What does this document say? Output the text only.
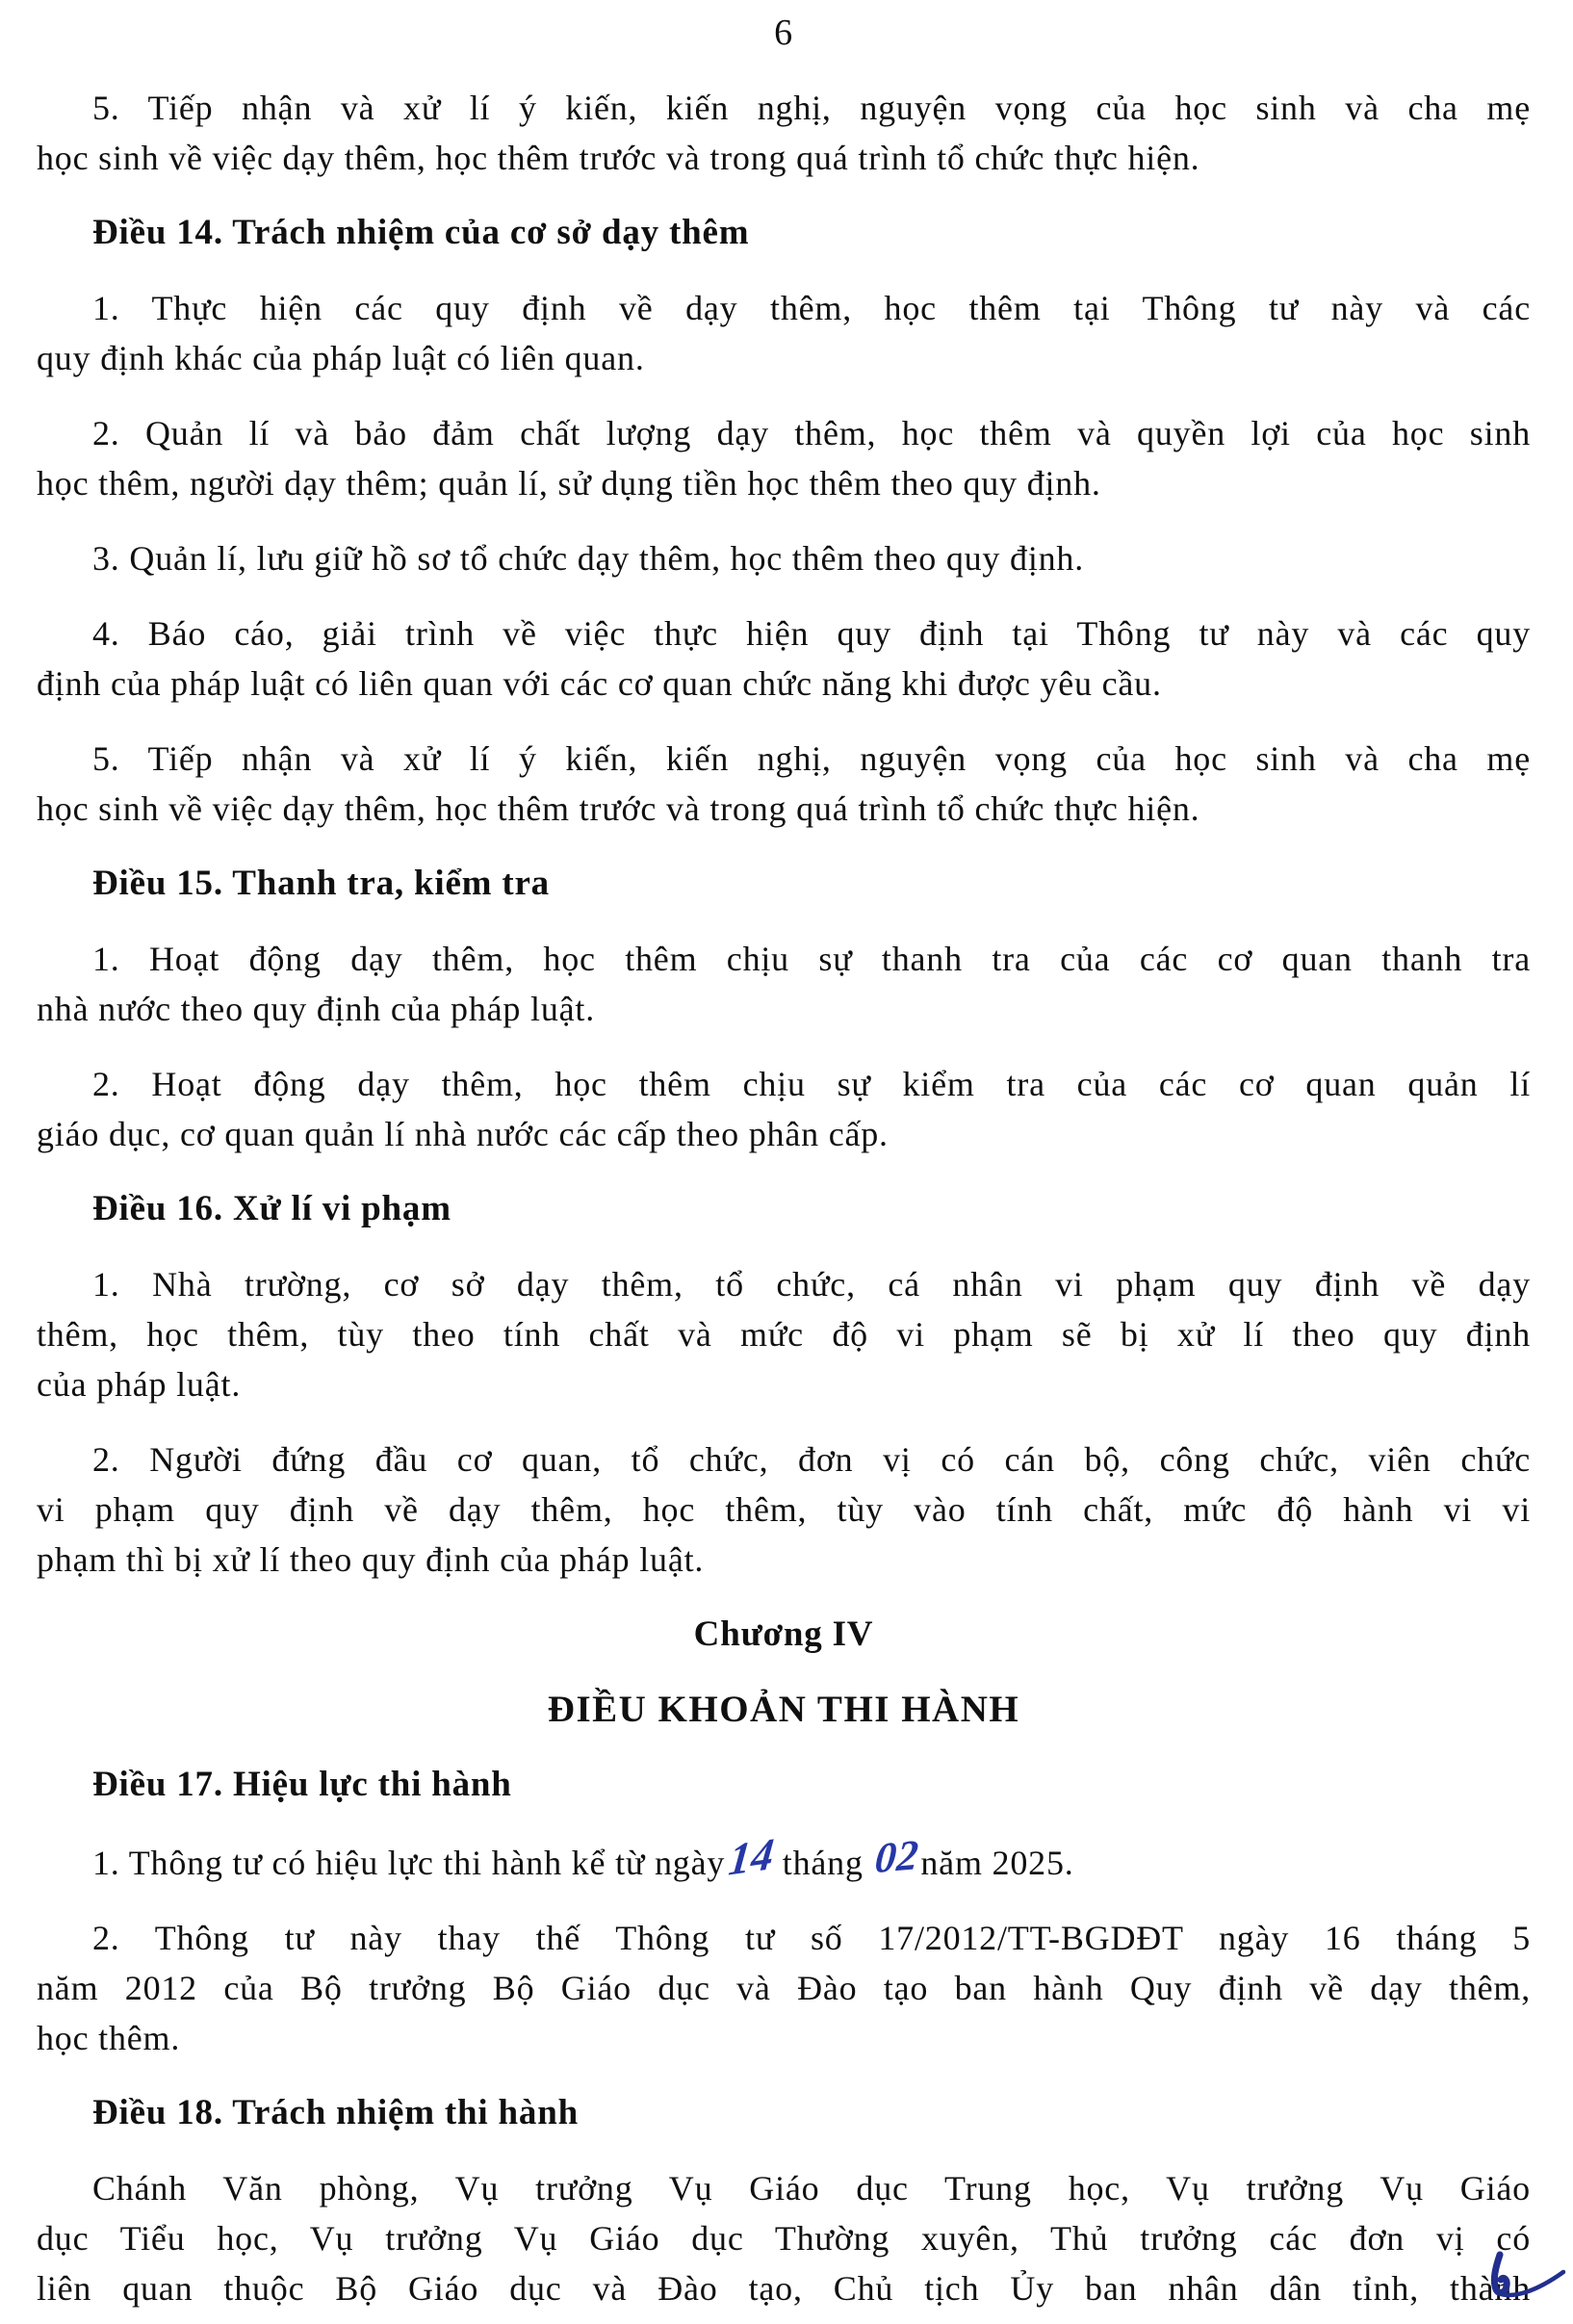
6
5. Tiếp nhận và xử lí ý kiến, kiến nghị, nguyện vọng của học sinh và cha mẹ
học sinh về việc dạy thêm, học thêm trước và trong quá trình tổ chức thực hiện.
Điều 14. Trách nhiệm của cơ sở dạy thêm
1. Thực hiện các quy định về dạy thêm, học thêm tại Thông tư này và các
quy định khác của pháp luật có liên quan.
2. Quản lí và bảo đảm chất lượng dạy thêm, học thêm và quyền lợi của học sinh
học thêm, người dạy thêm; quản lí, sử dụng tiền học thêm theo quy định.
3. Quản lí, lưu giữ hồ sơ tổ chức dạy thêm, học thêm theo quy định.
4. Báo cáo, giải trình về việc thực hiện quy định tại Thông tư này và các quy
định của pháp luật có liên quan với các cơ quan chức năng khi được yêu cầu.
5. Tiếp nhận và xử lí ý kiến, kiến nghị, nguyện vọng của học sinh và cha mẹ
học sinh về việc dạy thêm, học thêm trước và trong quá trình tổ chức thực hiện.
Điều 15. Thanh tra, kiểm tra
1. Hoạt động dạy thêm, học thêm chịu sự thanh tra của các cơ quan thanh tra
nhà nước theo quy định của pháp luật.
2. Hoạt động dạy thêm, học thêm chịu sự kiểm tra của các cơ quan quản lí
giáo dục, cơ quan quản lí nhà nước các cấp theo phân cấp.
Điều 16. Xử lí vi phạm
1. Nhà trường, cơ sở dạy thêm, tổ chức, cá nhân vi phạm quy định về dạy
thêm, học thêm, tùy theo tính chất và mức độ vi phạm sẽ bị xử lí theo quy định
của pháp luật.
2. Người đứng đầu cơ quan, tổ chức, đơn vị có cán bộ, công chức, viên chức
vi phạm quy định về dạy thêm, học thêm, tùy vào tính chất, mức độ hành vi vi
phạm thì bị xử lí theo quy định của pháp luật.
Chương IV
ĐIỀU KHOẢN THI HÀNH
Điều 17. Hiệu lực thi hành
1. Thông tư có hiệu lực thi hành kể từ ngày14 tháng 02năm 2025.
2. Thông tư này thay thế Thông tư số 17/2012/TT-BGDĐT ngày 16 tháng 5
năm 2012 của Bộ trưởng Bộ Giáo dục và Đào tạo ban hành Quy định về dạy thêm,
học thêm.
Điều 18. Trách nhiệm thi hành
Chánh Văn phòng, Vụ trưởng Vụ Giáo dục Trung học, Vụ trưởng Vụ Giáo
dục Tiểu học, Vụ trưởng Vụ Giáo dục Thường xuyên, Thủ trưởng các đơn vị có
liên quan thuộc Bộ Giáo dục và Đào tạo, Chủ tịch Ủy ban nhân dân tỉnh, thành
